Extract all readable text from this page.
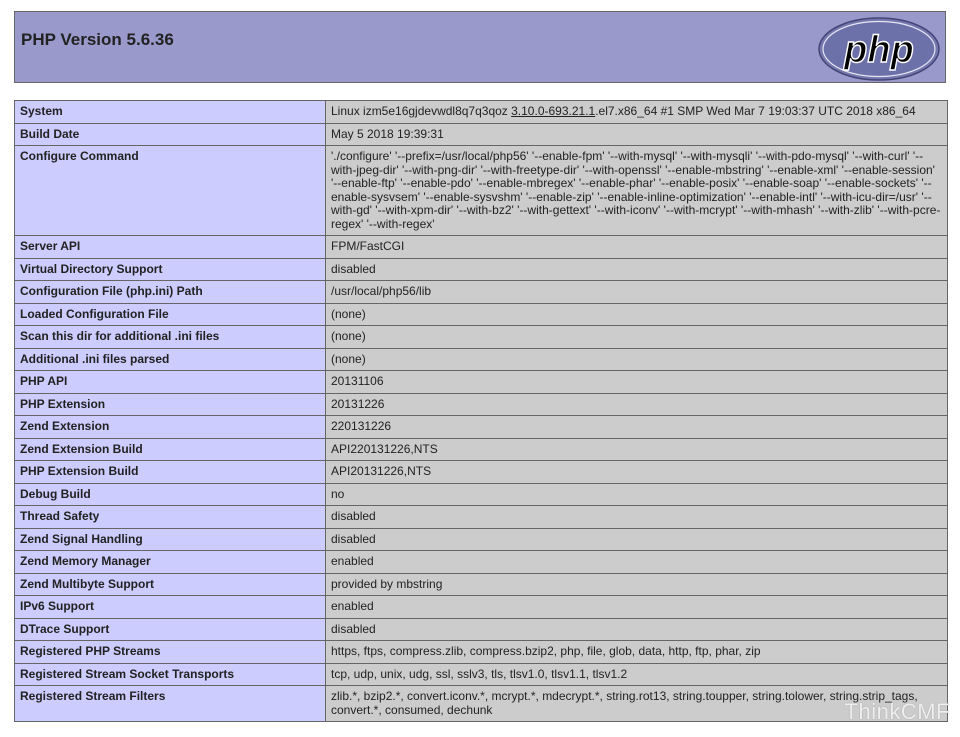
PHP Version 5.6.36	php
System	Linux izm5e16gjdevwdl8q7q3qoz 3.10.0-693.21.1.el7.x86_64 #1 SMP Wed Mar 7 19:03:37 UTC 2018 x86_64
Build Date	May 5 2018 19:39:31
Configure Command	'./configure' '--prefix=/usr/local/php56' '--enable-fpm' '--with-mysql' '--with-mysqli' '--with-pdo-mysql' '--with-curl' '--with-jpeg-dir' '--with-png-dir' '--with-freetype-dir' '--with-openssl' '--enable-mbstring' '--enable-xml' '--enable-session' '--enable-ftp' '--enable-pdo' '--enable-mbregex' '--enable-phar' '--enable-posix' '--enable-soap' '--enable-sockets' '--enable-sysvsem' '--enable-sysvshm' '--enable-zip' '--enable-inline-optimization' '--enable-intl' '--with-icu-dir=/usr' '--with-gd' '--with-xpm-dir' '--with-bz2' '--with-gettext' '--with-iconv' '--with-mcrypt' '--with-mhash' '--with-zlib' '--with-pcre-regex' '--with-regex'
Server API	FPM/FastCGI
Virtual Directory Support	disabled
Configuration File (php.ini) Path	/usr/local/php56/lib
Loaded Configuration File	(none)
Scan this dir for additional .ini files	(none)
Additional .ini files parsed	(none)
PHP API	20131106
PHP Extension	20131226
Zend Extension	220131226
Zend Extension Build	API220131226,NTS
PHP Extension Build	API20131226,NTS
Debug Build	no
Thread Safety	disabled
Zend Signal Handling	disabled
Zend Memory Manager	enabled
Zend Multibyte Support	provided by mbstring
IPv6 Support	enabled
DTrace Support	disabled
Registered PHP Streams	https, ftps, compress.zlib, compress.bzip2, php, file, glob, data, http, ftp, phar, zip
Registered Stream Socket Transports	tcp, udp, unix, udg, ssl, sslv3, tls, tlsv1.0, tlsv1.1, tlsv1.2
Registered Stream Filters	zlib.*, bzip2.*, convert.iconv.*, mcrypt.*, mdecrypt.*, string.rot13, string.toupper, string.tolower, string.strip_tags, convert.*, consumed, dechunk	ThinkCMF
